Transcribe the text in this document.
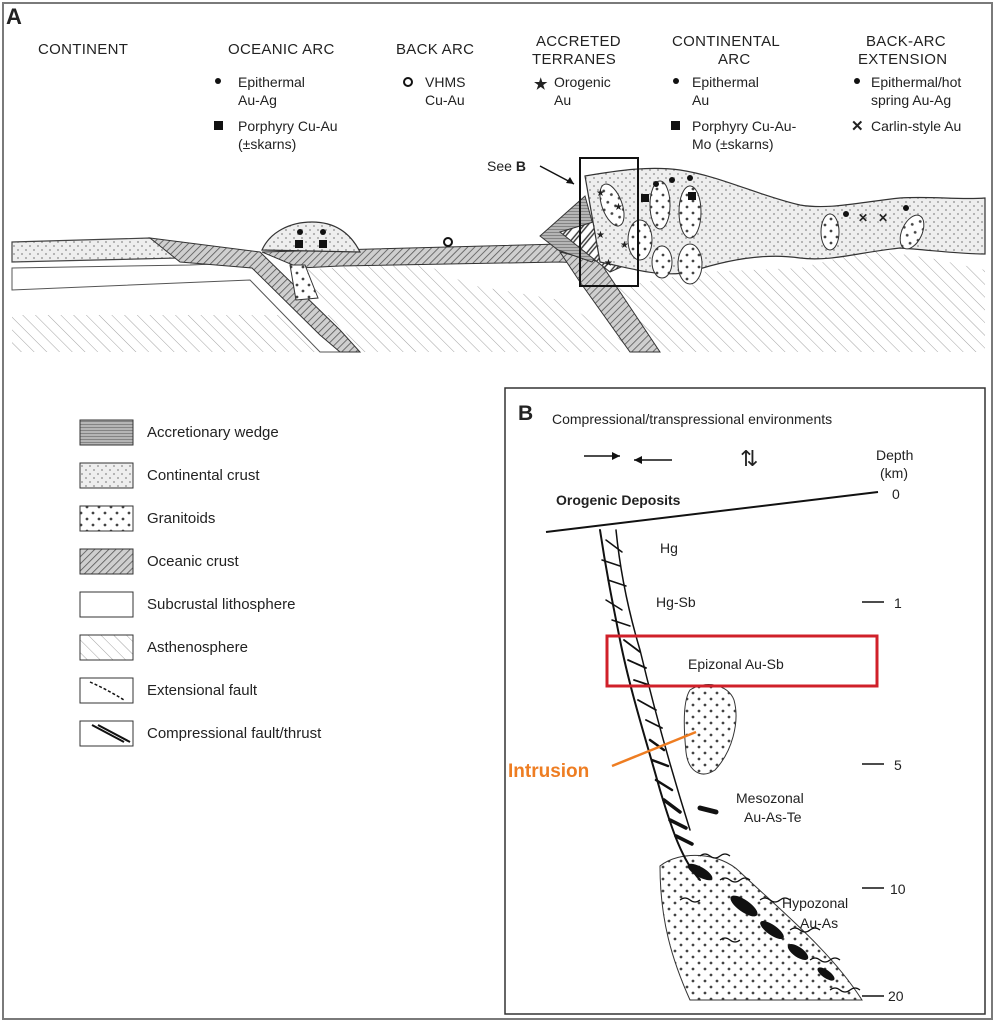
A
CONTINENT	OCEANIC ARC
Epithermal
Au-Ag
Porphyry Cu-Au
(±skarns)
BACK ARC
VHMS
Cu-Au
ACCRETED
TERRANES
★ Orogenic
Au
CONTINENTAL
ARC
Epithermal
Au
Porphyry Cu-Au-
Mo (±skarns)
BACK-ARC
EXTENSION
Epithermal/hot
spring Au-Ag
✕ Carlin-style Au
✕ ✕
★
★
★
★
★
See B
Accretionary wedge
Continental crust
Granitoids
Oceanic crust
Subcrustal lithosphere
Asthenosphere
Extensional fault
Compressional fault/thrust
B Compressional/transpressional environments
⇅	Depth
(km)
Orogenic Deposits	0
1
5
10
20
Hg
Hg-Sb
Epizonal Au-Sb
Mesozonal
Au-As-Te
Hypozonal
Au-As
Intrusion
